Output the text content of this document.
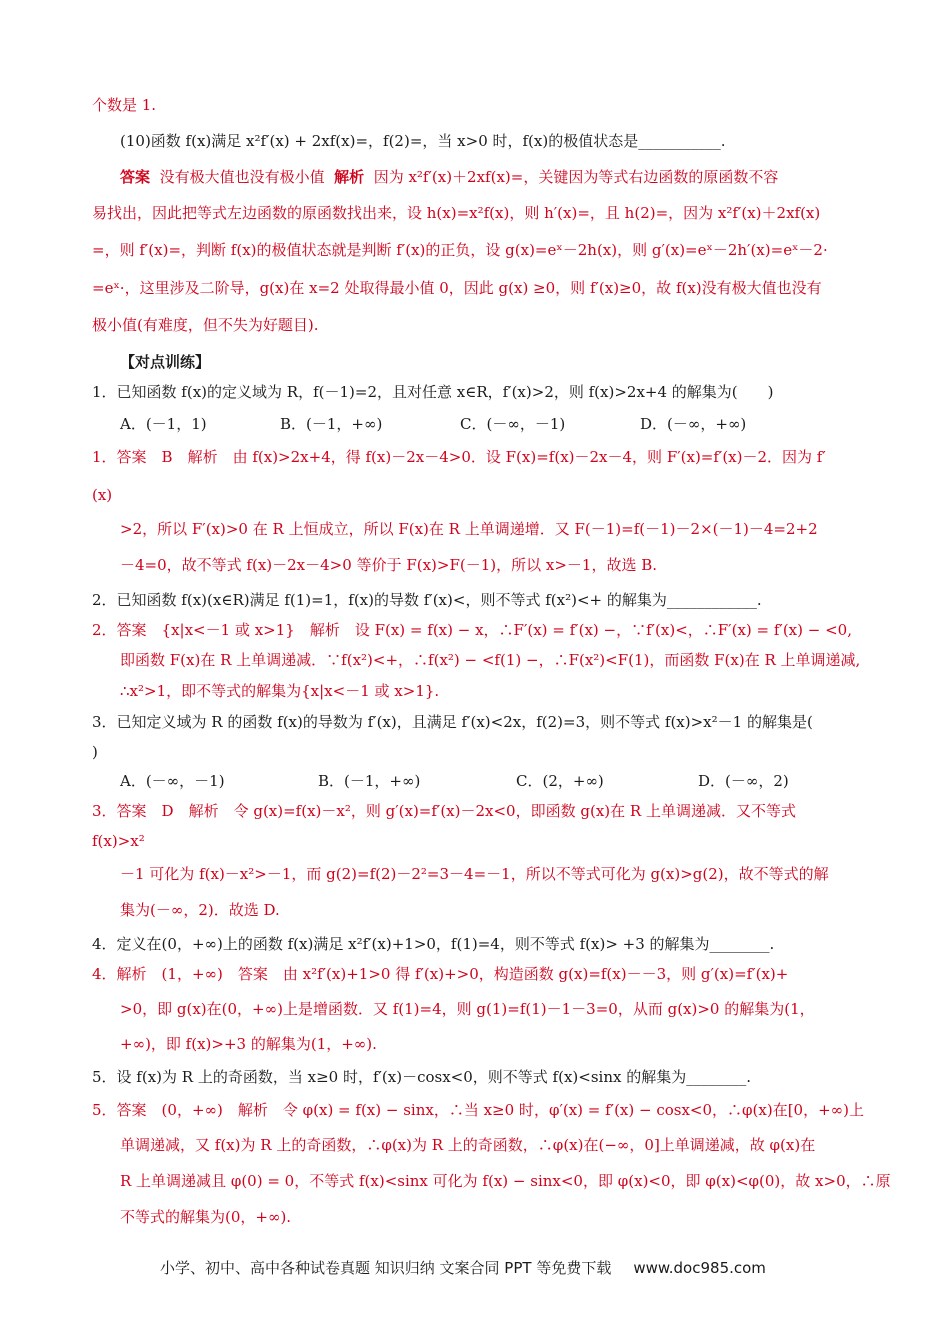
个数是 1.
(10)函数 f(x)满足 x²f′(x) + 2xf(x)=，f(2)=，当 x>0 时，f(x)的极值状态是___________.
答案 没有极大值也没有极小值 解析 因为 x²f′(x)＋2xf(x)=，关键因为等式右边函数的原函数不容
易找出，因此把等式左边函数的原函数找出来，设 h(x)=x²f(x)，则 h′(x)=，且 h(2)=，因为 x²f′(x)＋2xf(x)
=，则 f′(x)=，判断 f(x)的极值状态就是判断 f′(x)的正负，设 g(x)=eˣ－2h(x)，则 g′(x)=eˣ－2h′(x)=eˣ－2·
=eˣ·，这里涉及二阶导，g(x)在 x=2 处取得最小值 0，因此 g(x) ≥0，则 f′(x)≥0，故 f(x)没有极大值也没有
极小值(有难度，但不失为好题目).
【对点训练】
1．已知函数 f(x)的定义域为 R，f(－1)=2，且对任意 x∈R，f′(x)>2，则 f(x)>2x+4 的解集为(　　)
A．(－1，1)	B．(－1，+∞)	C．(－∞，－1)	D．(－∞，+∞)
1．答案　B　解析　由 f(x)>2x+4，得 f(x)－2x－4>0．设 F(x)=f(x)－2x－4，则 F′(x)=f′(x)－2．因为 f′
(x)
>2，所以 F′(x)>0 在 R 上恒成立，所以 F(x)在 R 上单调递增．又 F(－1)=f(－1)－2×(－1)－4=2+2
－4=0，故不等式 f(x)－2x－4>0 等价于 F(x)>F(－1)，所以 x>－1，故选 B.
2．已知函数 f(x)(x∈R)满足 f(1)=1，f(x)的导数 f′(x)<，则不等式 f(x²)<+ 的解集为____________.
2．答案　{x|x<－1 或 x>1}　解析　设 F(x) = f(x) − x，∴F′(x) = f′(x) −，∵f′(x)<，∴F′(x) = f′(x) − <0,
即函数 F(x)在 R 上单调递减．∵f(x²)<+，∴f(x²) − <f(1) −，∴F(x²)<F(1)，而函数 F(x)在 R 上单调递减,
∴x²>1，即不等式的解集为{x|x<－1 或 x>1}.
3．已知定义域为 R 的函数 f(x)的导数为 f′(x)，且满足 f′(x)<2x，f(2)=3，则不等式 f(x)>x²－1 的解集是(
)
A．(－∞，－1)	B．(－1，+∞)	C．(2，+∞)	D．(－∞，2)
3．答案　D　解析　令 g(x)=f(x)－x²，则 g′(x)=f′(x)－2x<0，即函数 g(x)在 R 上单调递减．又不等式
f(x)>x²
－1 可化为 f(x)－x²>－1，而 g(2)=f(2)－2²=3－4=－1，所以不等式可化为 g(x)>g(2)，故不等式的解
集为(－∞，2)．故选 D.
4．定义在(0，+∞)上的函数 f(x)满足 x²f′(x)+1>0，f(1)=4，则不等式 f(x)> +3 的解集为________.
4．解析　(1，+∞)　答案　由 x²f′(x)+1>0 得 f′(x)+>0，构造函数 g(x)=f(x)－－3，则 g′(x)=f′(x)+
>0，即 g(x)在(0，+∞)上是增函数．又 f(1)=4，则 g(1)=f(1)－1－3=0，从而 g(x)>0 的解集为(1，
+∞)，即 f(x)>+3 的解集为(1，+∞).
5．设 f(x)为 R 上的奇函数，当 x≥0 时，f′(x)－cosx<0，则不等式 f(x)<sinx 的解集为________.
5．答案　(0，+∞)　解析　令 φ(x) = f(x) − sinx，∴当 x≥0 时，φ′(x) = f′(x) − cosx<0，∴φ(x)在[0，+∞)上
单调递减，又 f(x)为 R 上的奇函数，∴φ(x)为 R 上的奇函数，∴φ(x)在(−∞，0]上单调递减，故 φ(x)在
R 上单调递减且 φ(0) = 0，不等式 f(x)<sinx 可化为 f(x) − sinx<0，即 φ(x)<0，即 φ(x)<φ(0)，故 x>0，∴原
不等式的解集为(0，+∞).
小学、初中、高中各种试卷真题 知识归纳 文案合同 PPT 等免费下载 www.doc985.com
